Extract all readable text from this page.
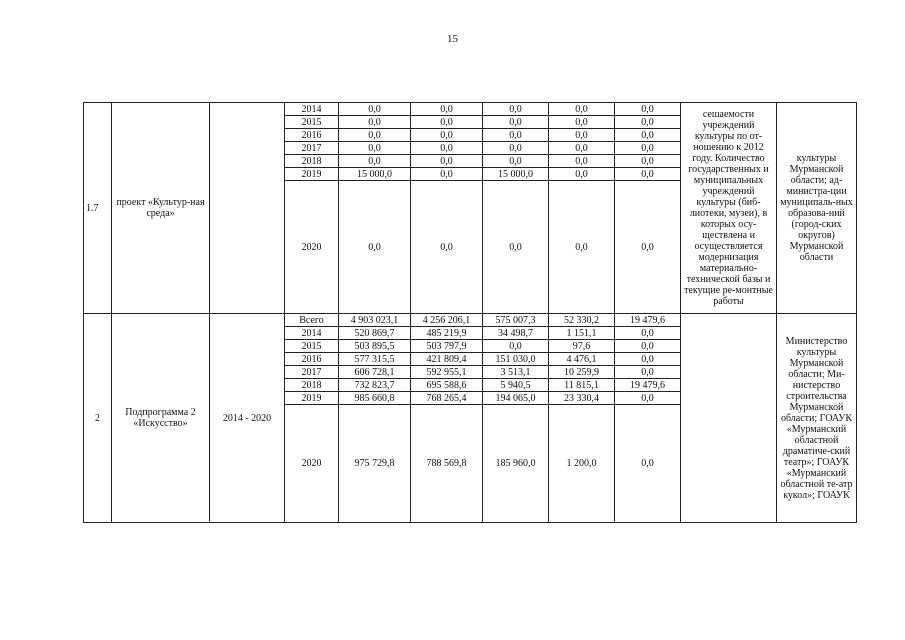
15
1.7	проект «Культур-ная среда»		2014	0,0	0,0	0,0	0,0	0,0	сешаемости учреждений культуры по от-ношению к 2012 году. Количество государственных и муниципальных учреждений культуры (биб-лиотеки, музеи), в которых осу-ществлена и осуществляется модернизация материально-технической базы и текущие ре-монтные работы	культуры Мурманской области; ад-министра-ции муниципаль-ных образова-ний (город-ских округов) Мурманской области
			2015	0,0	0,0	0,0	0,0	0,0		
			2016	0,0	0,0	0,0	0,0	0,0		
			2017	0,0	0,0	0,0	0,0	0,0		
			2018	0,0	0,0	0,0	0,0	0,0		
			2019	15 000,0	0,0	15 000,0	0,0	0,0		
			2020	0,0	0,0	0,0	0,0	0,0		
2	Подпрограмма 2 «Искусство»	2014 - 2020	Всего	4 903 023,1	4 256 206,1	575 007,3	52 330,2	19 479,6		Министерство культуры Мурманской области; Ми-нистерство строительства Мурманской области; ГОАУК «Мурманский областной драматиче-ский театр»; ГОАУК «Мурманский областной те-атр кукол»; ГОАУК
			2014	520 869,7	485 219,9	34 498,7	1 151,1	0,0		
			2015	503 895,5	503 797,9	0,0	97,6	0,0		
			2016	577 315,5	421 809,4	151 030,0	4 476,1	0,0		
			2017	606 728,1	592 955,1	3 513,1	10 259,9	0,0		
			2018	732 823,7	695 588,6	5 940,5	11 815,1	19 479,6		
			2019	985 660,8	768 265,4	194 065,0	23 330,4	0,0		
			2020	975 729,8	788 569,8	185 960,0	1 200,0	0,0		
